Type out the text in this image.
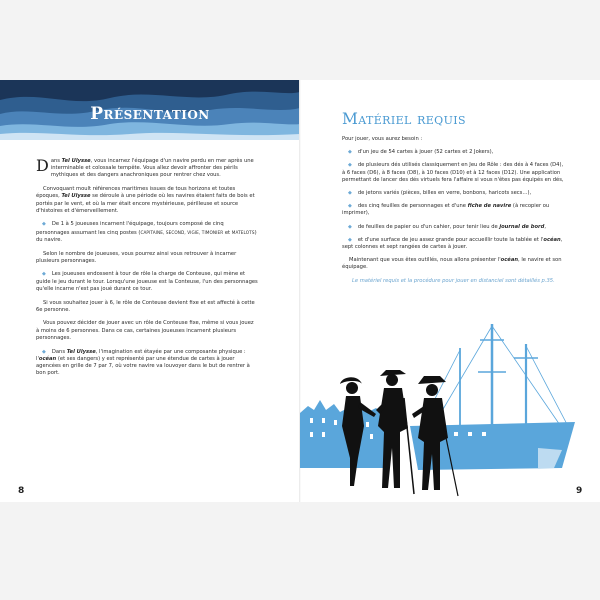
Présentation

Dans Tel Ulysse, vous incarnez l'équipage d'un navire perdu en mer après une interminable et colossale tempête. Vous allez devoir affronter des périls mythiques et des dangers anachroniques pour rentrer chez vous.

Convoquant moult références maritimes issues de tous horizons et toutes époques, Tel Ulysse se déroule à une période où les navires étaient faits de bois et portés par le vent, et où la mer était encore mystérieuse, périlleuse et source d'histoires et d'émerveillement.

◆ De 1 à 5 joueuses incarnent l'équipage, toujours composé de cinq personnages assumant les cinq postes (CAPITAINE, SECOND, VIGIE, TIMONIER et MATELOTS) du navire.

Selon le nombre de joueuses, vous pourrez ainsi vous retrouver à incarner plusieurs personnages.

◆ Les joueuses endossent à tour de rôle la charge de Conteuse, qui mène et guide le jeu durant le tour. Lorsqu'une joueuse est la Conteuse, l'un des personnages qu'elle incarne n'est pas joué durant ce tour.

Si vous souhaitez jouer à 6, le rôle de Conteuse devient fixe et est affecté à cette 6e personne.

Vous pouvez décider de jouer avec un rôle de Conteuse fixe, même si vous jouez à moins de 6 personnes. Dans ce cas, certaines joueuses incarnent plusieurs personnages.

◆ Dans Tel Ulysse, l'imagination est étayée par une composante physique : l'océan (et ses dangers) y est représenté par une étendue de cartes à jouer agencées en grille de 7 par 7, où votre navire va louvoyer dans le but de rentrer à bon port.

Matériel requis

Pour jouer, vous aurez besoin :

◆ d'un jeu de 54 cartes à jouer (52 cartes et 2 Jokers),

◆ de plusieurs dés utilisés classiquement en Jeu de Rôle : des dés à 4 faces (D4), à 6 faces (D6), à 8 faces (D8), à 10 faces (D10) et à 12 faces (D12). Une application permettant de lancer des dés virtuels fera l'affaire si vous n'êtes pas équipés en dés,

◆ de jetons variés (pièces, billes en verre, bonbons, haricots secs…),

◆ des cinq feuilles de personnages et d'une fiche de navire (à recopier ou imprimer),

◆ de feuilles de papier ou d'un cahier, pour tenir lieu de journal de bord,

◆ et d'une surface de jeu assez grande pour accueillir toute la tablée et l'océan, sept colonnes et sept rangées de cartes à jouer.

Maintenant que vous êtes outillés, nous allons présenter l'océan, le navire et son équipage.

Le matériel requis et la procédure pour jouer en distanciel sont détaillés p.35.

8	9
